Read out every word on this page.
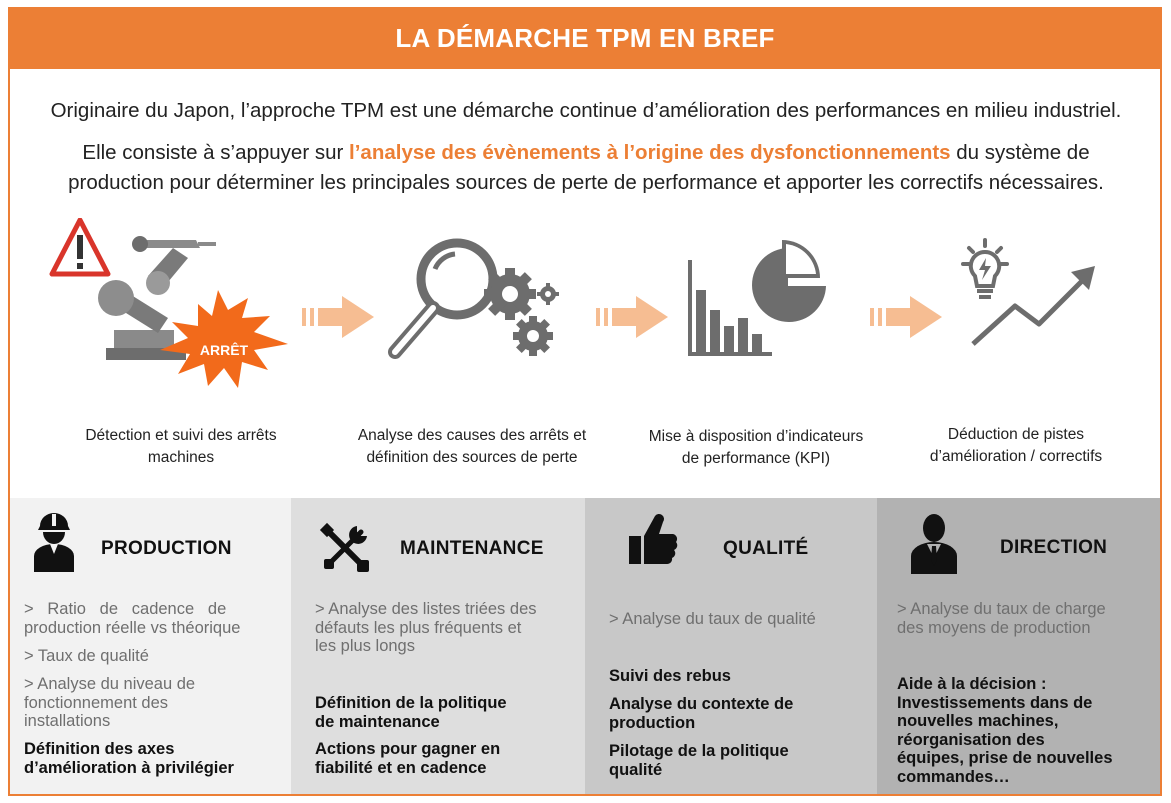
LA DÉMARCHE TPM EN BREF
Originaire du Japon, l’approche TPM est une démarche continue d’amélioration des performances en milieu industriel.
Elle consiste à s’appuyer sur l’analyse des évènements à l’origine des dysfonctionnements du système de
production pour déterminer les principales sources de perte de performance et apporter les correctifs nécessaires.
ARRÊT
Détection et suivi des arrêts
machines
Analyse des causes des arrêts et
définition des sources de perte
Mise à disposition d’indicateurs
de performance (KPI)
Déduction de pistes
d’amélioration / correctifs
PRODUCTION
>   Ratio   de   cadence   de
production réelle vs théorique
> Taux de qualité
> Analyse du niveau de
fonctionnement des
installations
Définition des axes
d’amélioration à privilégier
MAINTENANCE
> Analyse des listes triées des
défauts les plus fréquents et
les plus longs
Définition de la politique
de maintenance
Actions pour gagner en
fiabilité et en cadence
QUALITÉ
> Analyse du taux de qualité
Suivi des rebus
Analyse du contexte de
production
Pilotage de la politique
qualité
DIRECTION
> Analyse du taux de charge
des moyens de production
Aide à la décision :
Investissements dans de
nouvelles machines,
réorganisation des
équipes, prise de nouvelles
commandes…
